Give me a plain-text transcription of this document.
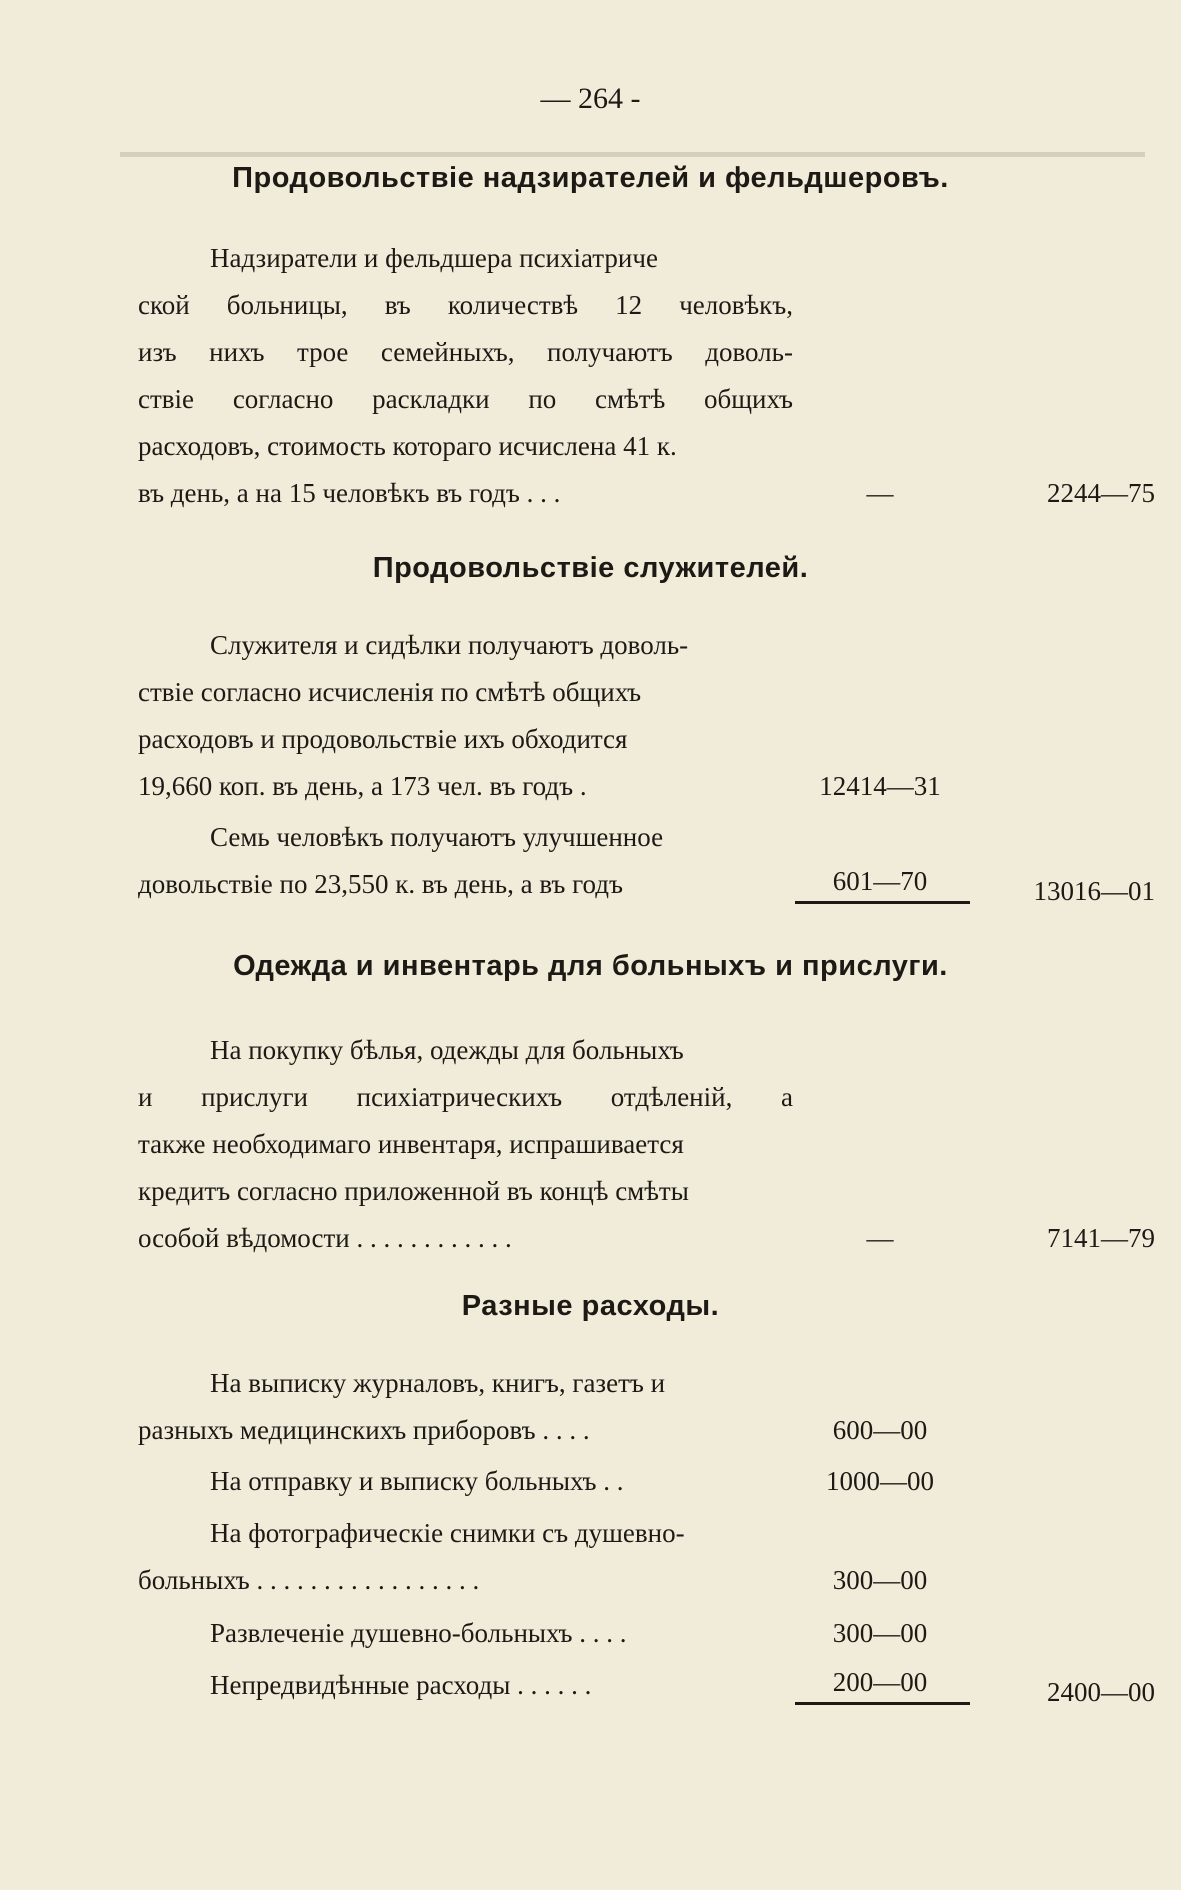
— 264 -
Продовольствіе надзирателей и фельдшеровъ.
Надзиратели и фельдшера психіатриче
ской больницы, въ количествѣ 12 человѣкъ,
изъ нихъ трое семейныхъ, получаютъ доволь-
ствіе согласно раскладки по смѣтѣ общихъ
расходовъ, стоимость котораго исчислена 41 к.
въ день, а на 15 человѣкъ въ годъ . . .	—	2244—75
Продовольствіе служителей.
Служителя и сидѣлки получаютъ доволь-
ствіе согласно исчисленія по смѣтѣ общихъ
расходовъ и продовольствіе ихъ обходится
19,660 коп. въ день, а 173 чел. въ годъ .	12414—31
Семь человѣкъ получаютъ улучшенное
довольствіе по 23,550 к. въ день, а въ годъ	601—70	13016—01
Одежда и инвентарь для больныхъ и прислуги.
На покупку бѣлья, одежды для больныхъ
и прислуги психіатрическихъ отдѣленій, а
также необходимаго инвентаря, испрашивается
кредитъ согласно приложенной въ концѣ смѣты
особой вѣдомости . . . . . . . . . . . .	—	7141—79
Разные расходы.
На выписку журналовъ, книгъ, газетъ и
разныхъ медицинскихъ приборовъ . . . .	600—00
На отправку и выписку больныхъ . .	1000—00
На фотографическіе снимки съ душевно-
больныхъ . . . . . . . . . . . . . . . . .	300—00
Развлеченіе душевно-больныхъ . . . .	300—00
Непредвидѣнные расходы . . . . . .	200—00	2400—00
